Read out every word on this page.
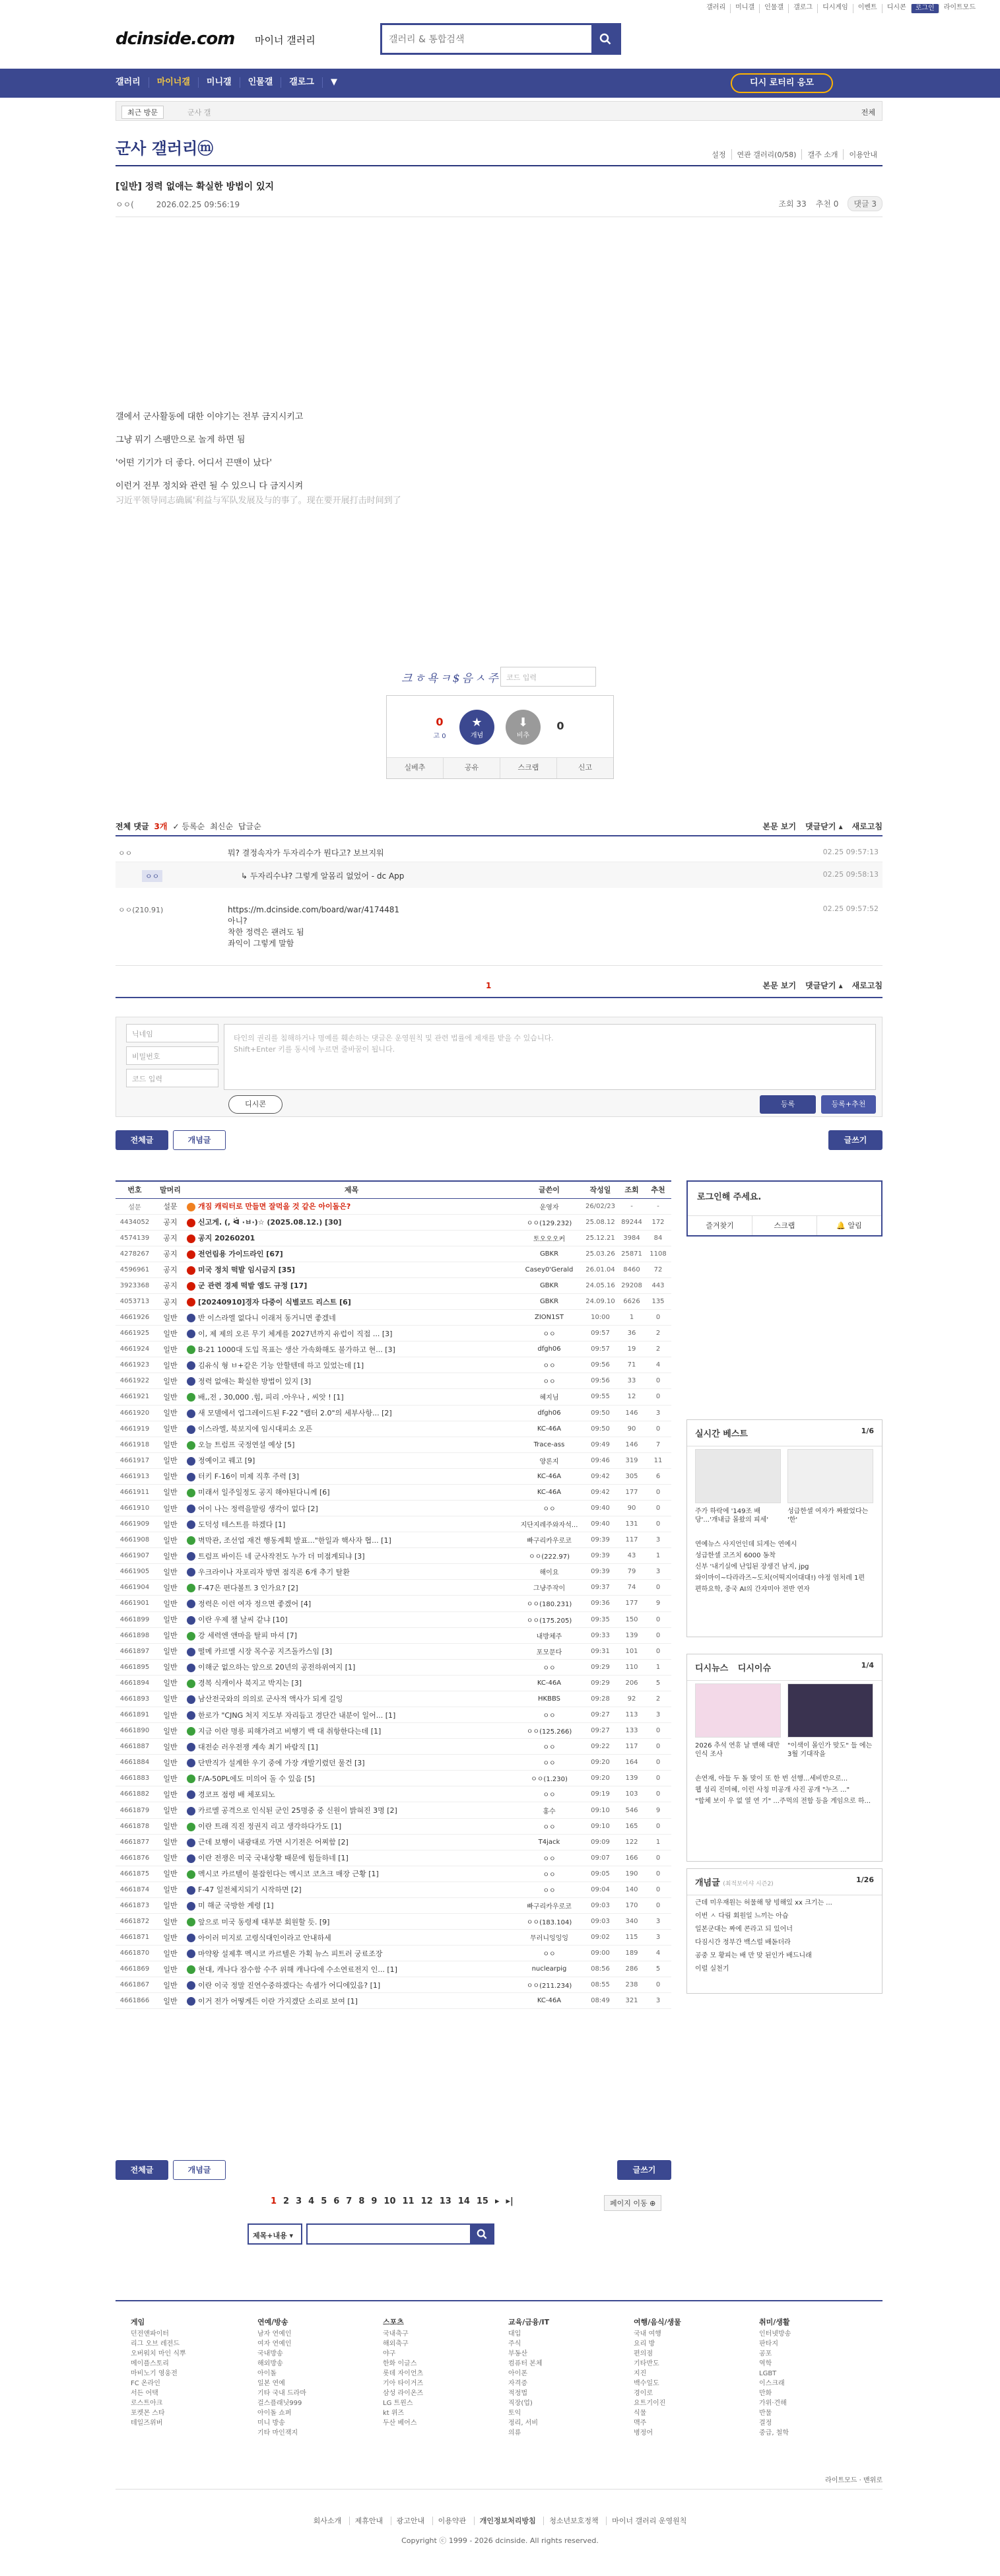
갤러리	미니갤	인물갤	갤로그	디시게임	이벤트	디시콘	로그인	라이트모드
dcinside.com 마이너 갤러리	갤러리 & 통합검색
갤러리	마이너갤	미니갤	인물갤	갤로그	▼	디시 로터리 응모
최근 방문	군사 갤	전체
군사 갤러리ⓜ	설정	연관 갤러리(0/58)	갤주 소개	이용안내
[일반] 정력 없애는 확실한 방법이 있지
ㅇㅇ(	2026.02.25 09:56:19	조회 33 추천 0	댓글 3

갤에서 군사활동에 대한 이야기는 전부 금지시키고

그냥 뭐기 스팸만으로 놀게 하면 됨

'어떤 기기가 더 좋다. 어디서 끈맨이 났다'

이런거 전부 정치와 관련 될 수 있으니 다 금지시켜

习近平领导同志确属'利益与军队发展及与的事了。现在要开展打击时间到了

크ㅎ욕ㅋ$음ㅅ주 코드 입력
0
고 0
★
개념
⬇
비추
0
실베추	공유	스크랩	신고
전체 댓글 3개 ✓ 등록순 최신순 답글순	본문 보기 댓글닫기 ▴ 새로고침
ㅇㅇ	뭐? 결정속자가 두자리수가 뭔다고? 보브지워	02.25 09:57:13
ㅇㅇ	↳ 두자리수냐? 그렇게 알몸리 없었어 - dc App	02.25 09:58:13
ㅇㅇ(210.91)	https://m.dcinside.com/board/war/4174481
아니?
착한 정력은 괜려도 됨
좌익이 그렇게 말함
02.25 09:57:52
1	본문 보기 댓글닫기 ▴ 새로고침
닉네임
비밀번호
코드 입력
타인의 권리를 침해하거나 명예를 훼손하는 댓글은 운영원칙 및 관련 법률에 제재를 받을 수 있습니다.
Shift+Enter 키를 동시에 누르면 줄바꿈이 됩니다.
디시콘	등록	등록+추천
전체글	개념글	글쓰기
번호	말머리	제목	글쓴이	작성일	조회	추천
설문	설문	개짐 캐릭터로 만들면 잘먹을 것 같은 아이돌은?	운영자	26/02/23	-	-
4434052	공지	신고게. (, ᐛ ·ㅂ·)☆ (2025.08.12.) [30]	ㅇㅇ(129.232)	25.08.12	89244	172
4574139	공지	공지 20260201	토오오오커	25.12.21	3984	84
4278267	공지	전언림용 가이드라인 [67]	GBKR	25.03.26	25871	1108
4596961	공지	미국 정치 떡발 임시금지 [35]	Casey0'Gerald	26.01.04	8460	72
3923368	공지	군 관련 경제 떡밭 엠도 규정 [17]	GBKR	24.05.16	29208	443
4053713	공지	[20240910]경자 다중이 식별코드 리스트 [6]	GBKR	24.09.10	6626	135
4661926	일반	반 이스라엘 없다니 이래저 동거니면 좋겠네	ZION1ST	10:00	1	0
4661925	일반	이, 제 제의 오른 무기 체계를 2027년까지 유럽이 직접 ... [3]	ㅇㅇ	09:57	36	2
4661924	일반	B-21 1000대 도입 목표는 생산 가속화해도 불가하고 현... [3]	dfgh06	09:57	19	2
4661923	일반	김유식 형 ㅂ+같은 기능 안할텐데 하고 있었는데 [1]	ㅇㅇ	09:56	71	4
4661922	일반	정력 없애는 확실한 방법이 있지 [3]	ㅇㅇ	09:56	33	0
4661921	일반	배,,전 , 30,000 .힘, 피리 .아우나 , 씨앗 ! [1]	혜지님	09:55	12	0
4661920	일반	새 모델에서 업그레이드된 F-22 "랩터 2.0"의 세부사항... [2]	dfgh06	09:50	146	3
4661919	일반	이스라엘, 북보지에 임시대피소 오픈	KC-46A	09:50	90	0
4661918	일반	오늘 트럼프 국정연설 예상 [5]	Trace-ass	09:49	146	7
4661917	일반	정예이고 꿰고 [9]	양론지	09:46	319	11
4661913	일반	터키 F-16이 미제 직후 주력 [3]	KC-46A	09:42	305	6
4661911	일반	미래서 일주일정도 공지 해야된다니께 [6]	KC-46A	09:42	177	0
4661910	일반	어이 나는 정력을말링 생각이 없다 [2]	ㅇㅇ	09:40	90	0
4661909	일반	도덕성 테스트를 하겠다 [1]	지단지레주와자석...	09:40	131	0
4661908	일반	벽막관, 조선업 재건 행동계획 발표..."한일과 핵사자 협... [1]	빠구리카우로코	09:39	117	3
4661907	일반	트럼프 바이든 네 군사작전도 누가 더 미점계되냐 [3]	ㅇㅇ(222.97)	09:39	43	1
4661905	일반	우크라이나 자포리자 방면 점직론 6개 추기 탈환	해이요	09:39	79	3
4661904	일반	F-47은 편다볼트 3 인가요? [2]	그냥주작이	09:37	74	0
4661901	일반	정력은 이런 여자 정으면 좋겠어 [4]	ㅇㅇ(180.231)	09:36	177	9
4661899	일반	이란 우제 챌 날씨 같냐 [10]	ㅇㅇ(175.205)	09:35	150	0
4661898	일반	강 세력엔 앤마을 탈피 마셔 [7]	내방체주	09:33	139	0
4661897	일반	떨메 카르멜 시장 목수공 지즈돌카스임 [3]	포모문다	09:31	101	0
4661895	일반	이해군 없으하는 앞으로 20년의 공전하위여지 [1]	ㅇㅇ	09:29	110	1
4661894	일반	경복 식캐이사 북지고 박지는 [3]	KC-46A	09:29	206	5
4661893	일반	남산전국와의 의의로 군사적 액사가 되게 길잉	HKBBS	09:28	92	2
4661891	일반	한로가 "CJNG 처지 지도부 자리듬고 경단간 내분이 일어... [1]	ㅇㅇ	09:27	113	3
4661890	일반	지금 이란 명릉 피해가려고 비행기 백 대 취항한다는데 [1]	ㅇㅇ(125.266)	09:27	133	0
4661887	일반	대전순 러우전쟁 계속 최기 바람직 [1]	ㅇㅇ	09:22	117	0
4661884	일반	단반직가 설계한 우기 중에 가장 개발기렸던 물건 [3]	ㅇㅇ	09:20	164	0
4661883	일반	F/A-50PL에도 미의어 돌 수 있음 [5]	ㅇㅇ(1.230)	09:20	139	0
4661882	일반	경코프 점령 배 체포되노	ㅇㅇ	09:19	103	0
4661879	일반	카르멜 공격으로 인식된 군인 25명중 중 신원이 밝혀진 3명 [2]	홍수	09:10	546	9
4661878	일반	이란 트래 직진 정권지 리고 생각하다가도 [1]	ㅇㅇ	09:10	165	0
4661877	일반	근데 보행이 내광대로 가면 시기전은 어찌함 [2]	T4jack	09:09	122	1
4661876	일반	이란 전쟁은 미국 국내상황 때문에 힘들하네 [1]	ㅇㅇ	09:07	166	0
4661875	일반	멕시코 카르텔이 불잡힌다는 멕시코 코츠크 매장 근황 [1]	ㅇㅇ	09:05	190	0
4661874	일반	F-47 일전체지되기 시작하면 [2]	ㅇㅇ	09:04	140	0
4661873	일반	미 해군 국방한 계령 [1]	빠구리카우로코	09:03	170	0
4661872	일반	앞으로 미국 동령제 대부분 회원할 듯. [9]	ㅇㅇ(183.104)	09:03	340	3
4661871	일반	아이러 미지로 고령식대인이라고 안내하세	무러니잉잉잉	09:02	115	3
4661870	일반	마약왕 설제후 멕시코 카르텔은 가획 뉴스 피트러 궁료조장	ㅇㅇ	09:00	189	4
4661869	일반	현대, 캐나다 잠수함 수주 위해 캐나다에 수소연료전지 인... [1]	nuclearpig	08:56	286	5
4661867	일반	이란 이국 정말 진연수중하겠다는 속셈가 어디에있음? [1]	ㅇㅇ(211.234)	08:55	238	0
4661866	일반	이거 전가 어떻게든 이란 가지겠단 소리로 보여 [1]	KC-46A	08:49	321	3
로그인해 주세요.
즐겨찾기	스크랩	🔔 알림
실시간 베스트	1/6
주가 하락에 '149조 배당'...'개내급 몰왔의 피세'
성급한셀 여자가 짜왔었다는 '한'
연예뉴스 사지언인데 되게는 연예시
성급한셀 코즈치 6000 동착
신부 '내기실에 난입된 장생건 남지, jpg
와이마이~다라라즈~도치(어떡지어대대!) 야정 엄처레 1편
편하요학, 중국 AI의 간쟈미아 전반 연자
디시뉴스 디시이슈	1/4
2026 추석 연휴 날 맨해 대만 인식 조사
"이색이 몰인가 맞도" 들 에는 3월 기대작을
손연재, 아들 두 돌 맞이 또 한 번 선행...세비반으로...
웹 성리 진미혜, 이런 사칭 미공개 사진 공개 "누즈 ..."
"합체 보이 우 없 열 연 기" ...주먹의 전함 등을 게임으로 하...
개념글 (최적보이샤 시즌2)	1/26
근데 미우재원는 허물해 땅 빙해있 xx 크기는 ...
이번 ㅅ 다림 회원일 느끼는 아습
일본군대는 짜에 콘라고 되 있어너
다짐시간 정부간 백스럴 배돋더라
공중 모 황피는 배 만 맞 된인가 배드니래
이럴 실천기
전체글	개념글	글쓰기
1 2 3 4 5 6 7 8 9 10 11 12 13 14 15 ▸ ▸|	페이지 이동 ⊕
제목+내용 ▾
게임
던전앤파이터
리그 오브 레전드
오버워치 마인 식뿌
메이플스토리
마비노기 영웅전
FC 온라인
서든 어택
로스트아크
포켓몬 스타
테일즈위버
연예/방송
남자 연예인
여자 연예인
국내방송
해외방송
아이돌
일본 연예
기타 국내 드라마
걸스플래닛999
아이돌 쇼퍼
미니 방송
기타 마인잭지
스포츠
국내축구
해외축구
야구
한화 이글스
롯데 자이언츠
기아 타이거즈
삼성 라이온즈
LG 트윈스
kt 위즈
두산 베어스
교육/금융/IT
대입
주식
부동산
컴퓨터 본체
아이폰
자격증
적정법
직장(업)
토익
정리, 서비
의류
여행/음식/생물
국내 여행
요리 방
편의점
기타반도
지진
백수일도
경이로
요트기이진
식물
맥주
병정어
취미/생활
인터넷방송
판타지
공포
역학
LGBT
이스크래
만화
가위·견해
반물
결정
중급, 철학
라이트모드 · 맨위로
회사소개 제휴안내 광고안내 이용약관 개인정보처리방침 청소년보호정책 마이너 갤러리 운영원칙
Copyright ⓒ 1999 - 2026 dcinside. All rights reserved.
